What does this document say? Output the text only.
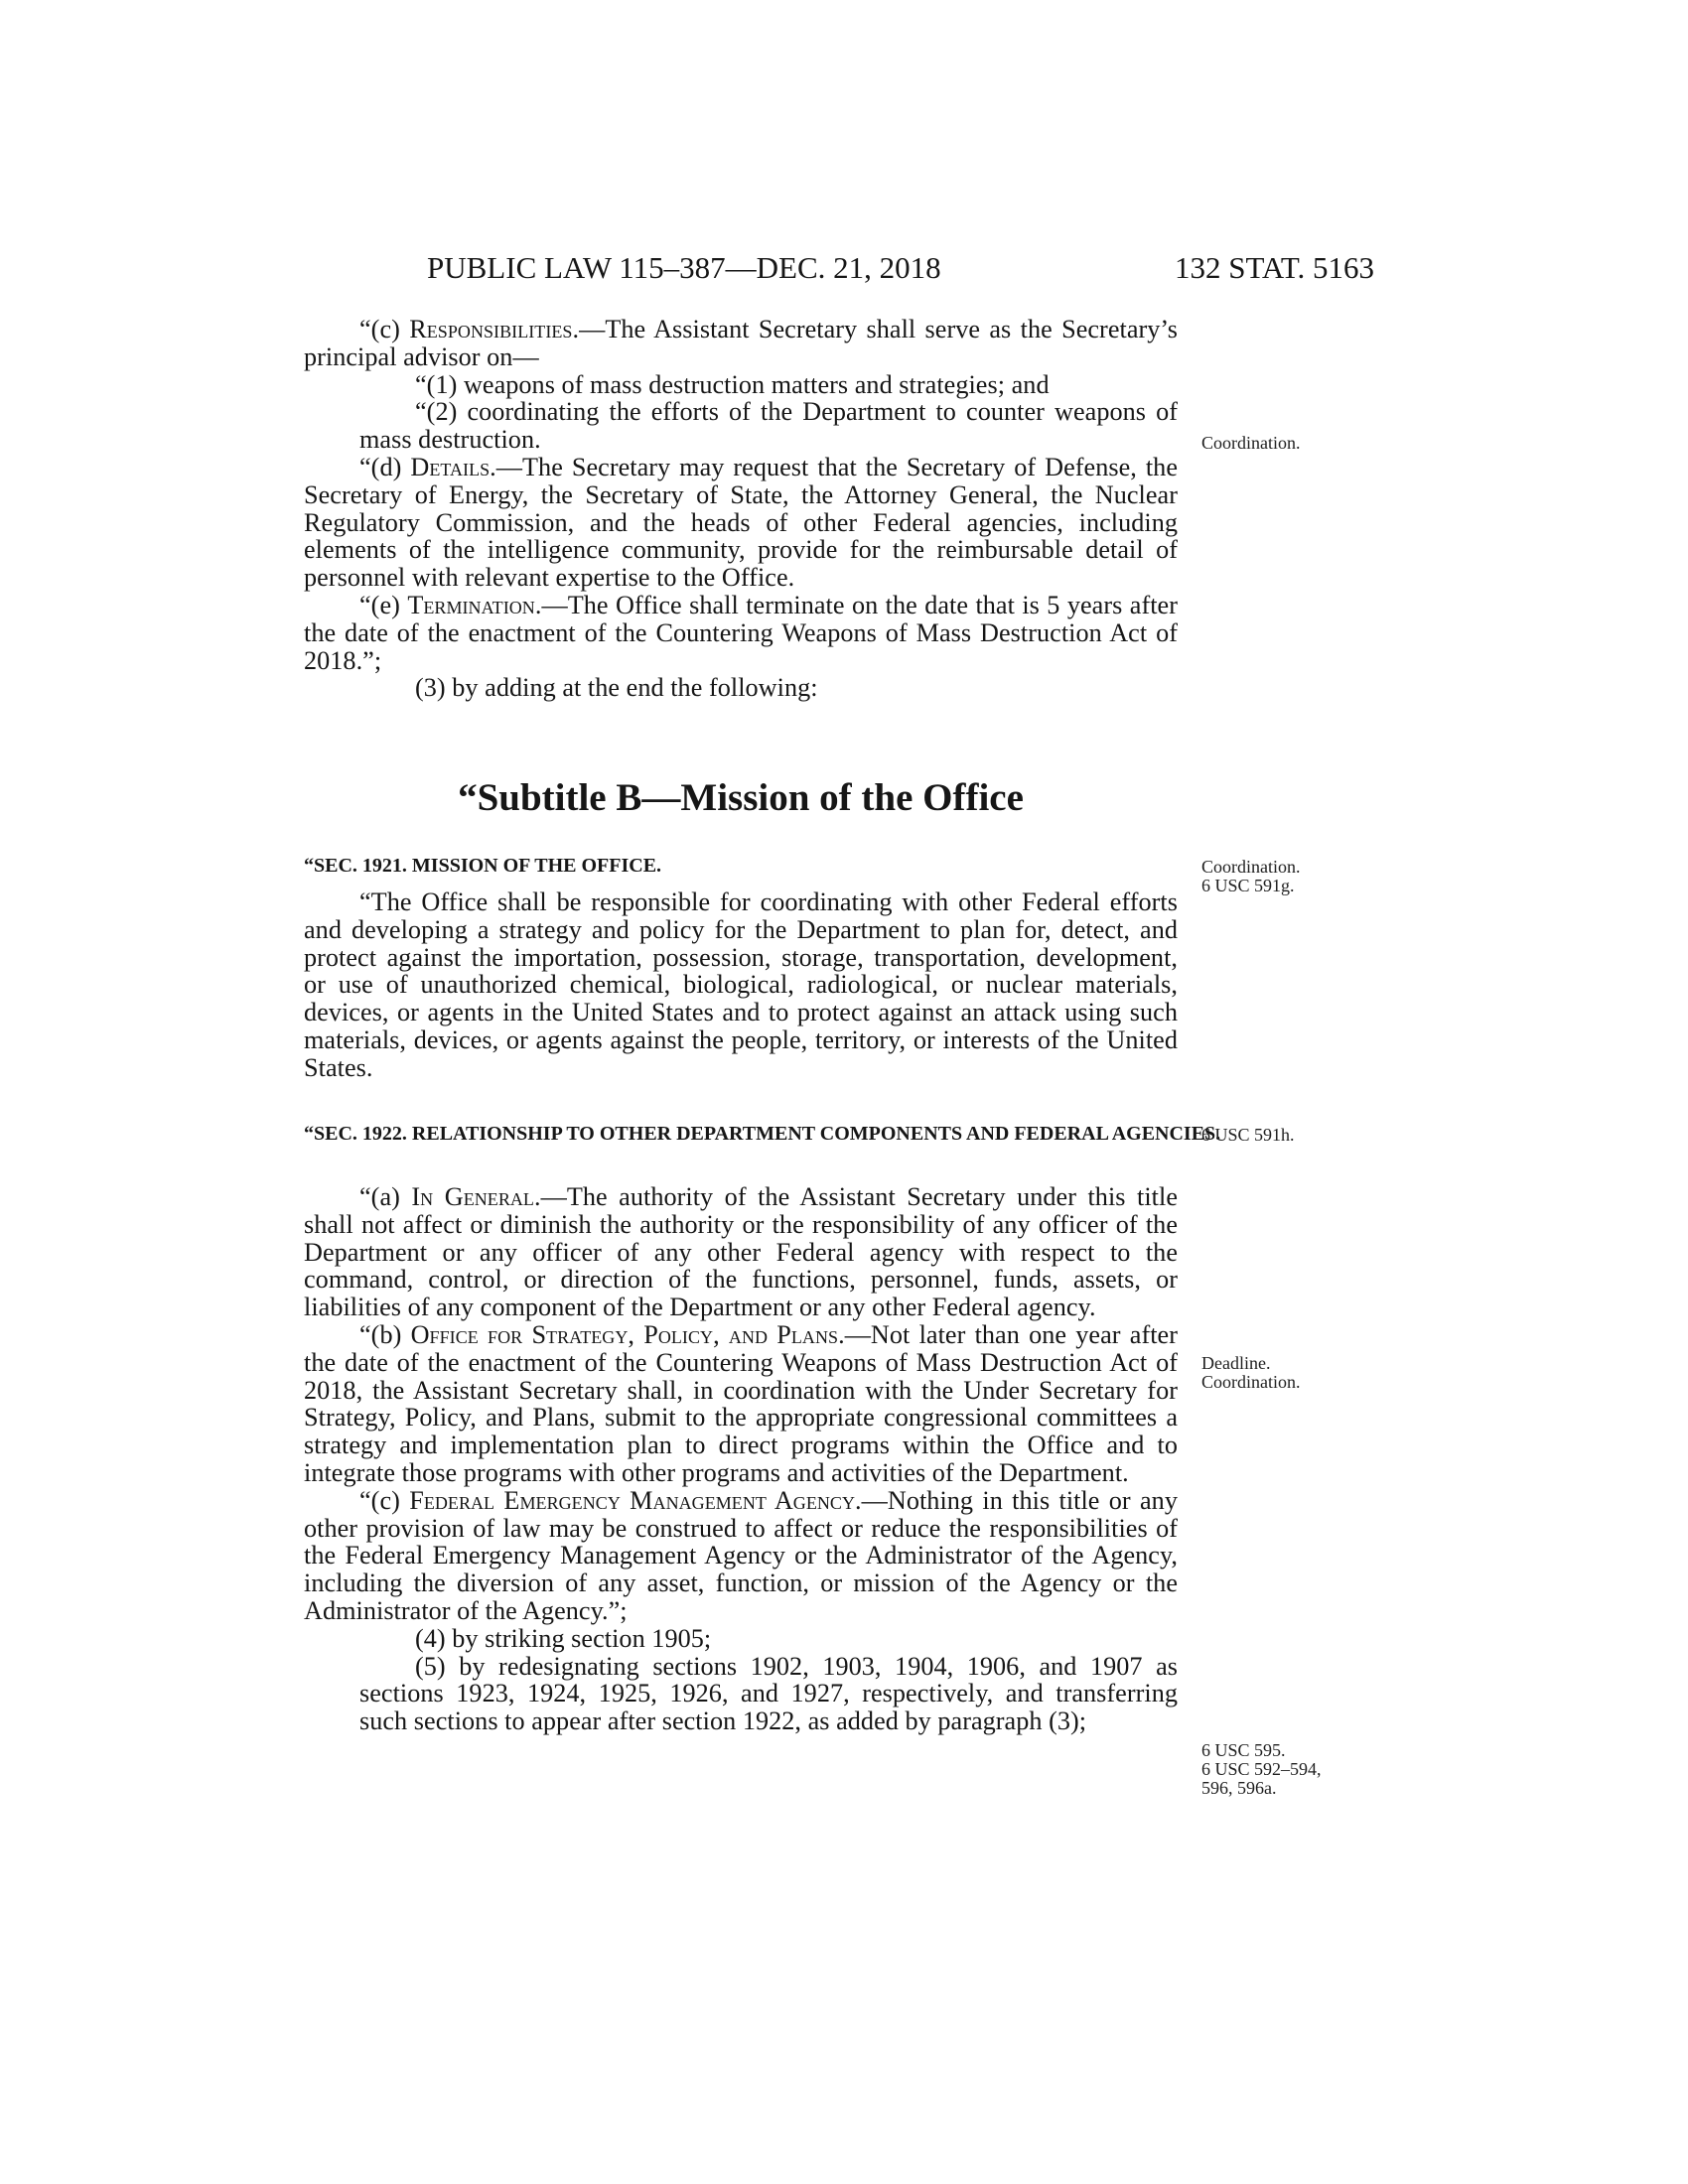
PUBLIC LAW 115–387—DEC. 21, 2018	132 STAT. 5163

“(c) Responsibilities.—The Assistant Secretary shall serve as the Secretary’s principal advisor on—

“(1) weapons of mass destruction matters and strategies; and

“(2) coordinating the efforts of the Department to counter weapons of mass destruction.

“(d) Details.—The Secretary may request that the Secretary of Defense, the Secretary of Energy, the Secretary of State, the Attorney General, the Nuclear Regulatory Commission, and the heads of other Federal agencies, including elements of the intelligence community, provide for the reimbursable detail of personnel with relevant expertise to the Office.

“(e) Termination.—The Office shall terminate on the date that is 5 years after the date of the enactment of the Countering Weapons of Mass Destruction Act of 2018.”;

(3) by adding at the end the following:

“Subtitle B—Mission of the Office
“SEC. 1921. MISSION OF THE OFFICE.

“The Office shall be responsible for coordinating with other Federal efforts and developing a strategy and policy for the Department to plan for, detect, and protect against the importation, possession, storage, transportation, development, or use of unauthorized chemical, biological, radiological, or nuclear materials, devices, or agents in the United States and to protect against an attack using such materials, devices, or agents against the people, territory, or interests of the United States.

“SEC. 1922. RELATIONSHIP TO OTHER DEPARTMENT COMPONENTS AND FEDERAL AGENCIES.

“(a) In General.—The authority of the Assistant Secretary under this title shall not affect or diminish the authority or the responsibility of any officer of the Department or any officer of any other Federal agency with respect to the command, control, or direction of the functions, personnel, funds, assets, or liabilities of any component of the Department or any other Federal agency.

“(b) Office for Strategy, Policy, and Plans.—Not later than one year after the date of the enactment of the Countering Weapons of Mass Destruction Act of 2018, the Assistant Secretary shall, in coordination with the Under Secretary for Strategy, Policy, and Plans, submit to the appropriate congressional committees a strategy and implementation plan to direct programs within the Office and to integrate those programs with other programs and activities of the Department.

“(c) Federal Emergency Management Agency.—Nothing in this title or any other provision of law may be construed to affect or reduce the responsibilities of the Federal Emergency Management Agency or the Administrator of the Agency, including the diversion of any asset, function, or mission of the Agency or the Administrator of the Agency.”;

(4) by striking section 1905;

(5) by redesignating sections 1902, 1903, 1904, 1906, and 1907 as sections 1923, 1924, 1925, 1926, and 1927, respectively, and transferring such sections to appear after section 1922, as added by paragraph (3);

Coordination.
Coordination.
6 USC 591g.
6 USC 591h.
Deadline.
Coordination.
6 USC 595.
6 USC 592–594,
596, 596a.
